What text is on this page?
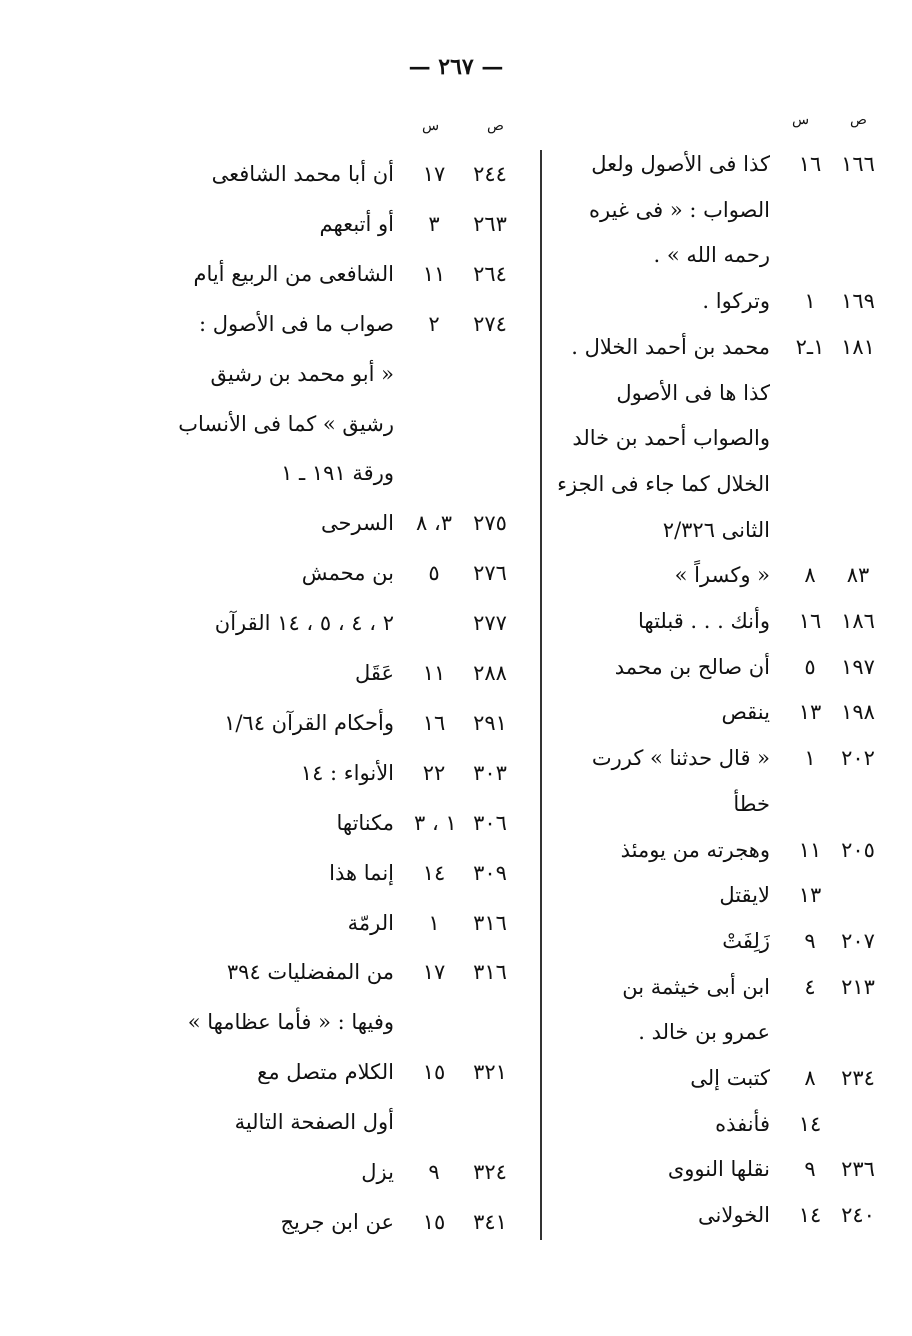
— ٢٦٧ —
ص
س
ص
س
١٦٦
١٦
كذا فى الأصول ولعل
الصواب : « فى غيره
رحمه الله » .
١٦٩
١
وتركوا .
١٨١
١ـ٢
محمد بن أحمد الخلال .
كذا ها فى الأصول
والصواب أحمد بن خالد
الخلال كما جاء فى الجزء
الثانى ٢/٣٢٦
٨٣
٨
« وكسراً »
١٨٦
١٦
وأنك . . . قبلتها
١٩٧
٥
أن صالح بن محمد
١٩٨
١٣
ينقص
٢٠٢
١
« قال حدثنا » كررت
خطأ
٢٠٥
١١
وهجرته من يومئذ
١٣
لايقتل
٢٠٧
٩
زَلِفَتْ
٢١٣
٤
ابن أبى خيثمة بن
عمرو بن خالد .
٢٣٤
٨
كتبت إلى
١٤
فأنفذه
٢٣٦
٩
نقلها النووى
٢٤٠
١٤
الخولانى
٢٤٤
١٧
أن أبا محمد الشافعى
٢٦٣
٣
أو أتبعهم
٢٦٤
١١
الشافعى من الربيع أيام
٢٧٤
٢
صواب ما فى الأصول :
« أبو محمد بن رشيق
رشيق » كما فى الأنساب
ورقة ١٩١ ـ ١
٢٧٥
٣، ٨
السرحى
٢٧٦
٥
بن محمش
٢٧٧
٢ ، ٤ ، ٥ ، ١٤ القرآن
٢٨٨
١١
عَقَل
٢٩١
١٦
وأحكام القرآن ١/٦٤
٣٠٣
٢٢
الأنواء : ١٤
٣٠٦
١ ، ٣
مكناتها
٣٠٩
١٤
إنما هذا
٣١٦
١
الرمّة
٣١٦
١٧
من المفضليات ٣٩٤
وفيها : « فأما عظامها »
٣٢١
١٥
الكلام متصل مع
أول الصفحة التالية
٣٢٤
٩
يزل
٣٤١
١٥
عن ابن جريج
